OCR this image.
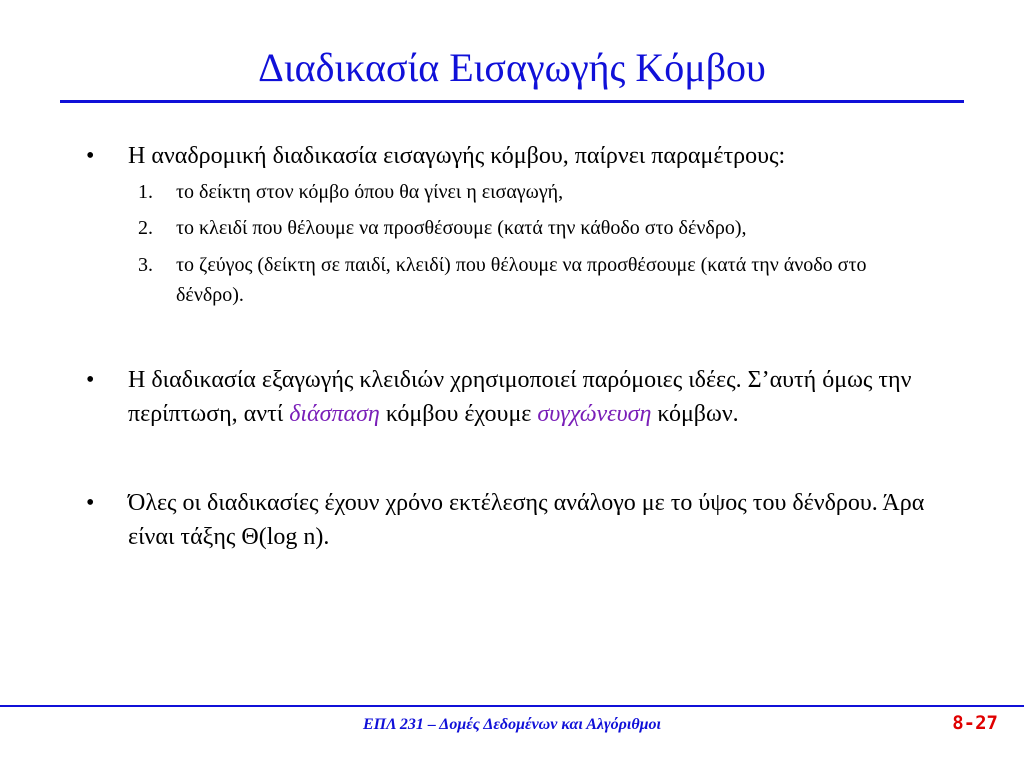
Διαδικασία Εισαγωγής Κόμβου
• Η αναδρομική διαδικασία εισαγωγής κόμβου, παίρνει παραμέτρους:
1. το δείκτη στον κόμβο όπου θα γίνει η εισαγωγή,
2. το κλειδί που θέλουμε να προσθέσουμε (κατά την κάθοδο στο δένδρο),
3. το ζεύγος (δείκτη σε παιδί, κλειδί) που θέλουμε να προσθέσουμε (κατά την άνοδο στο δένδρο).
• Η διαδικασία εξαγωγής κλειδιών χρησιμοποιεί παρόμοιες ιδέες. Σ’αυτή όμως την περίπτωση, αντί διάσπαση κόμβου έχουμε συγχώνευση κόμβων.
• Όλες οι διαδικασίες έχουν χρόνο εκτέλεσης ανάλογο με το ύψος του δένδρου. Άρα είναι τάξης Θ(log n).
ΕΠΛ 231 – Δομές Δεδομένων και Αλγόριθμοι	8-27
